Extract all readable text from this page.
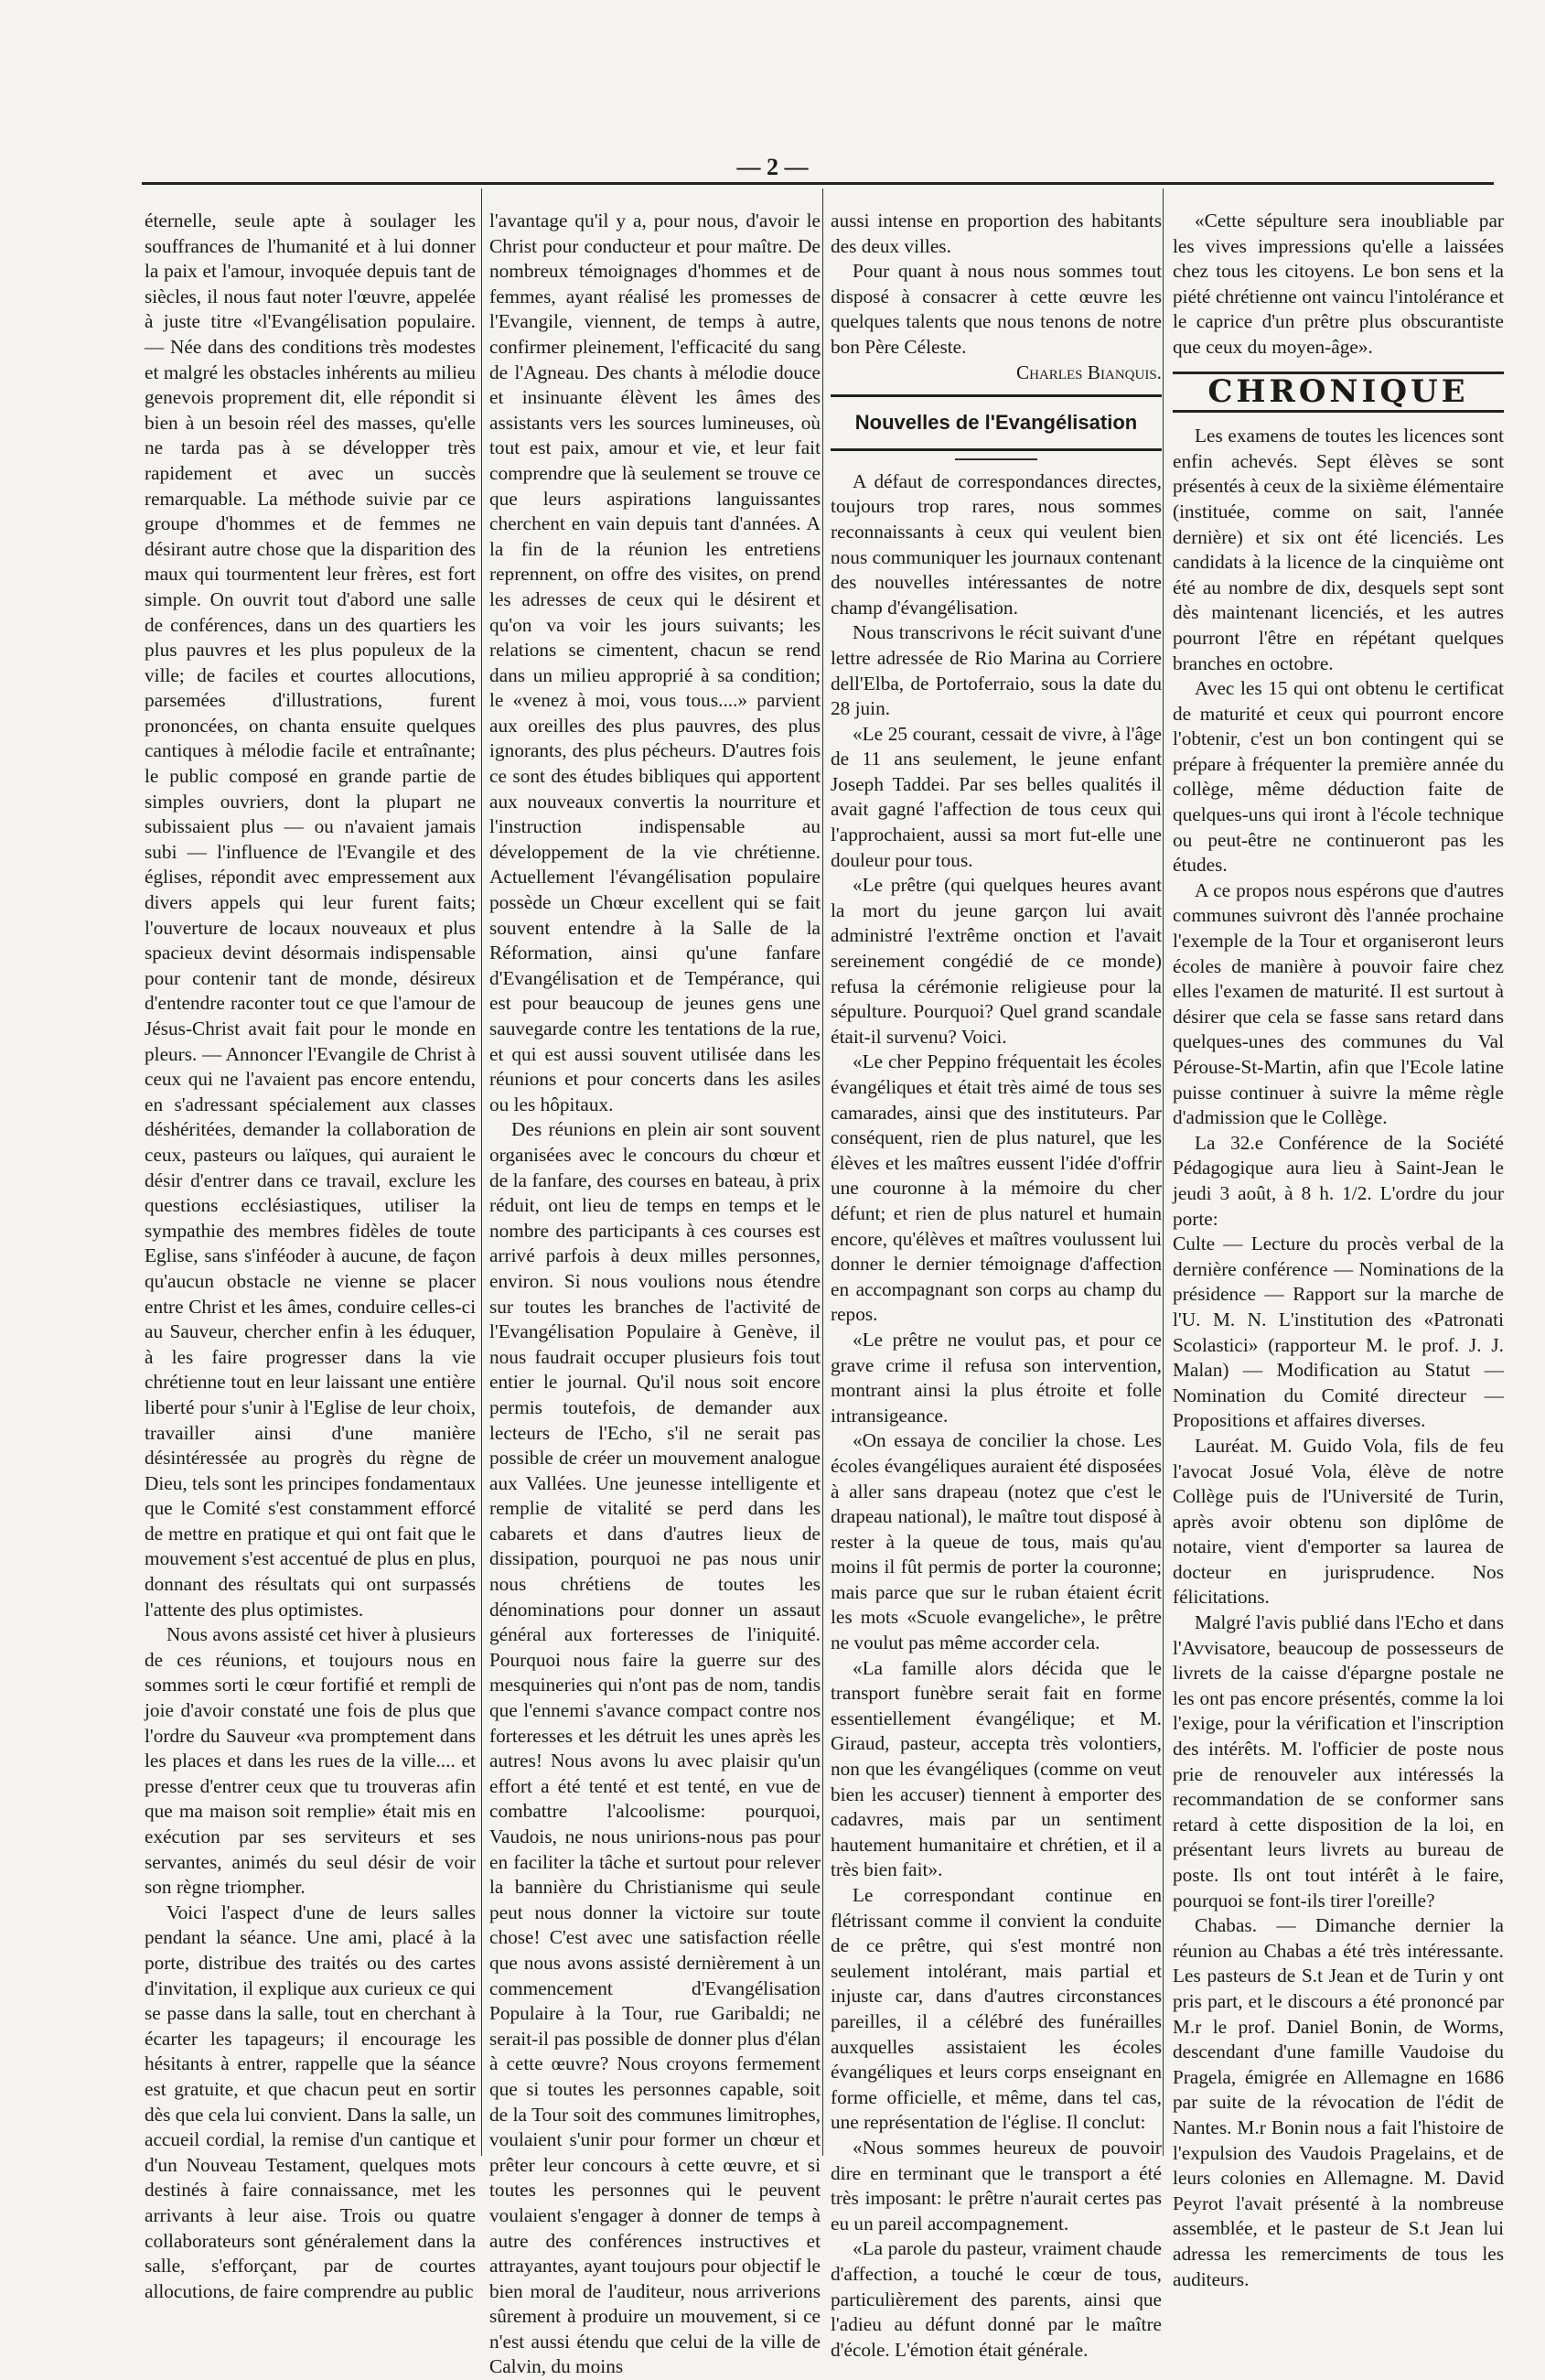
— 2 —

éternelle, seule apte à soulager les souffrances de l'humanité et à lui donner la paix et l'amour, invoquée depuis tant de siècles, il nous faut noter l'œuvre, appelée à juste titre «l'Evangélisation populaire. — Née dans des conditions très modestes et malgré les obstacles inhérents au milieu genevois proprement dit, elle répondit si bien à un besoin réel des masses, qu'elle ne tarda pas à se développer très rapidement et avec un succès remarquable. La méthode suivie par ce groupe d'hommes et de femmes ne désirant autre chose que la disparition des maux qui tourmentent leur frères, est fort simple. On ouvrit tout d'abord une salle de conférences, dans un des quartiers les plus pauvres et les plus populeux de la ville; de faciles et courtes allocutions, parsemées d'illustrations, furent prononcées, on chanta ensuite quelques cantiques à mélodie facile et entraînante; le public composé en grande partie de simples ouvriers, dont la plupart ne subissaient plus — ou n'avaient jamais subi — l'influence de l'Evangile et des églises, répondit avec empressement aux divers appels qui leur furent faits; l'ouverture de locaux nouveaux et plus spacieux devint désormais indispensable pour contenir tant de monde, désireux d'entendre raconter tout ce que l'amour de Jésus-Christ avait fait pour le monde en pleurs. — Annoncer l'Evangile de Christ à ceux qui ne l'avaient pas encore entendu, en s'adressant spécialement aux classes déshéritées, demander la collaboration de ceux, pasteurs ou laïques, qui auraient le désir d'entrer dans ce travail, exclure les questions ecclésiastiques, utiliser la sympathie des membres fidèles de toute Eglise, sans s'inféoder à aucune, de façon qu'aucun obstacle ne vienne se placer entre Christ et les âmes, conduire celles-ci au Sauveur, chercher enfin à les éduquer, à les faire progresser dans la vie chrétienne tout en leur laissant une entière liberté pour s'unir à l'Eglise de leur choix, travailler ainsi d'une manière désintéressée au progrès du règne de Dieu, tels sont les principes fondamentaux que le Comité s'est constamment efforcé de mettre en pratique et qui ont fait que le mouvement s'est accentué de plus en plus, donnant des résultats qui ont surpassés l'attente des plus optimistes.

Nous avons assisté cet hiver à plusieurs de ces réunions, et toujours nous en sommes sorti le cœur fortifié et rempli de joie d'avoir constaté une fois de plus que l'ordre du Sauveur «va promptement dans les places et dans les rues de la ville.... et presse d'entrer ceux que tu trouveras afin que ma maison soit remplie» était mis en exécution par ses serviteurs et ses servantes, animés du seul désir de voir son règne triompher.

Voici l'aspect d'une de leurs salles pendant la séance. Une ami, placé à la porte, distribue des traités ou des cartes d'invitation, il explique aux curieux ce qui se passe dans la salle, tout en cherchant à écarter les tapageurs; il encourage les hésitants à entrer, rappelle que la séance est gratuite, et que chacun peut en sortir dès que cela lui convient. Dans la salle, un accueil cordial, la remise d'un cantique et d'un Nouveau Testament, quelques mots destinés à faire connaissance, met les arrivants à leur aise. Trois ou quatre collaborateurs sont généralement dans la salle, s'efforçant, par de courtes allocutions, de faire comprendre au public

l'avantage qu'il y a, pour nous, d'avoir le Christ pour conducteur et pour maître. De nombreux témoignages d'hommes et de femmes, ayant réalisé les promesses de l'Evangile, viennent, de temps à autre, confirmer pleinement, l'efficacité du sang de l'Agneau. Des chants à mélodie douce et insinuante élèvent les âmes des assistants vers les sources lumineuses, où tout est paix, amour et vie, et leur fait comprendre que là seulement se trouve ce que leurs aspirations languissantes cherchent en vain depuis tant d'années. A la fin de la réunion les entretiens reprennent, on offre des visites, on prend les adresses de ceux qui le désirent et qu'on va voir les jours suivants; les relations se cimentent, chacun se rend dans un milieu approprié à sa condition; le «venez à moi, vous tous....» parvient aux oreilles des plus pauvres, des plus ignorants, des plus pécheurs. D'autres fois ce sont des études bibliques qui apportent aux nouveaux convertis la nourriture et l'instruction indispensable au développement de la vie chrétienne. Actuellement l'évangélisation populaire possède un Chœur excellent qui se fait souvent entendre à la Salle de la Réformation, ainsi qu'une fanfare d'Evangélisation et de Tempérance, qui est pour beaucoup de jeunes gens une sauvegarde contre les tentations de la rue, et qui est aussi souvent utilisée dans les réunions et pour concerts dans les asiles ou les hôpitaux.

Des réunions en plein air sont souvent organisées avec le concours du chœur et de la fanfare, des courses en bateau, à prix réduit, ont lieu de temps en temps et le nombre des participants à ces courses est arrivé parfois à deux milles personnes, environ. Si nous voulions nous étendre sur toutes les branches de l'activité de l'Evangélisation Populaire à Genève, il nous faudrait occuper plusieurs fois tout entier le journal. Qu'il nous soit encore permis toutefois, de demander aux lecteurs de l'Echo, s'il ne serait pas possible de créer un mouvement analogue aux Vallées. Une jeunesse intelligente et remplie de vitalité se perd dans les cabarets et dans d'autres lieux de dissipation, pourquoi ne pas nous unir nous chrétiens de toutes les dénominations pour donner un assaut général aux forteresses de l'iniquité. Pourquoi nous faire la guerre sur des mesquineries qui n'ont pas de nom, tandis que l'ennemi s'avance compact contre nos forteresses et les détruit les unes après les autres! Nous avons lu avec plaisir qu'un effort a été tenté et est tenté, en vue de combattre l'alcoolisme: pourquoi, Vaudois, ne nous unirions-nous pas pour en faciliter la tâche et surtout pour relever la bannière du Christianisme qui seule peut nous donner la victoire sur toute chose! C'est avec une satisfaction réelle que nous avons assisté dernièrement à un commencement d'Evangélisation Populaire à la Tour, rue Garibaldi; ne serait-il pas possible de donner plus d'élan à cette œuvre? Nous croyons fermement que si toutes les personnes capable, soit de la Tour soit des communes limitrophes, voulaient s'unir pour former un chœur et prêter leur concours à cette œuvre, et si toutes les personnes qui le peuvent voulaient s'engager à donner de temps à autre des conférences instructives et attrayantes, ayant toujours pour objectif le bien moral de l'auditeur, nous arriverions sûrement à produire un mouvement, si ce n'est aussi étendu que celui de la ville de Calvin, du moins

aussi intense en proportion des habitants des deux villes.

Pour quant à nous nous sommes tout disposé à consacrer à cette œuvre les quelques talents que nous tenons de notre bon Père Céleste.

Charles Bianquis.

Nouvelles de l'Evangélisation

A défaut de correspondances directes, toujours trop rares, nous sommes reconnaissants à ceux qui veulent bien nous communiquer les journaux contenant des nouvelles intéressantes de notre champ d'évangélisation.

Nous transcrivons le récit suivant d'une lettre adressée de Rio Marina au Corriere dell'Elba, de Portoferraio, sous la date du 28 juin.

«Le 25 courant, cessait de vivre, à l'âge de 11 ans seulement, le jeune enfant Joseph Taddei. Par ses belles qualités il avait gagné l'affection de tous ceux qui l'approchaient, aussi sa mort fut-elle une douleur pour tous.

«Le prêtre (qui quelques heures avant la mort du jeune garçon lui avait administré l'extrême onction et l'avait sereinement congédié de ce monde) refusa la cérémonie religieuse pour la sépulture. Pourquoi? Quel grand scandale était-il survenu? Voici.

«Le cher Peppino fréquentait les écoles évangéliques et était très aimé de tous ses camarades, ainsi que des instituteurs. Par conséquent, rien de plus naturel, que les élèves et les maîtres eussent l'idée d'offrir une couronne à la mémoire du cher défunt; et rien de plus naturel et humain encore, qu'élèves et maîtres voulussent lui donner le dernier témoignage d'affection en accompagnant son corps au champ du repos.

«Le prêtre ne voulut pas, et pour ce grave crime il refusa son intervention, montrant ainsi la plus étroite et folle intransigeance.

«On essaya de concilier la chose. Les écoles évangéliques auraient été disposées à aller sans drapeau (notez que c'est le drapeau national), le maître tout disposé à rester à la queue de tous, mais qu'au moins il fût permis de porter la couronne; mais parce que sur le ruban étaient écrit les mots «Scuole evangeliche», le prêtre ne voulut pas même accorder cela.

«La famille alors décida que le transport funèbre serait fait en forme essentiellement évangélique; et M. Giraud, pasteur, accepta très volontiers, non que les évangéliques (comme on veut bien les accuser) tiennent à emporter des cadavres, mais par un sentiment hautement humanitaire et chrétien, et il a très bien fait».

Le correspondant continue en flétrissant comme il convient la conduite de ce prêtre, qui s'est montré non seulement intolérant, mais partial et injuste car, dans d'autres circonstances pareilles, il a célébré des funérailles auxquelles assistaient les écoles évangéliques et leurs corps enseignant en forme officielle, et même, dans tel cas, une représentation de l'église. Il conclut:

«Nous sommes heureux de pouvoir dire en terminant que le transport a été très imposant: le prêtre n'aurait certes pas eu un pareil accompagnement.

«La parole du pasteur, vraiment chaude d'affection, a touché le cœur de tous, particulièrement des parents, ainsi que l'adieu au défunt donné par le maître d'école. L'émotion était générale.

«Cette sépulture sera inoubliable par les vives impressions qu'elle a laissées chez tous les citoyens. Le bon sens et la piété chrétienne ont vaincu l'intolérance et le caprice d'un prêtre plus obscurantiste que ceux du moyen-âge».

CHRONIQUE

Les examens de toutes les licences sont enfin achevés. Sept élèves se sont présentés à ceux de la sixième élémentaire (instituée, comme on sait, l'année dernière) et six ont été licenciés. Les candidats à la licence de la cinquième ont été au nombre de dix, desquels sept sont dès maintenant licenciés, et les autres pourront l'être en répétant quelques branches en octobre.

Avec les 15 qui ont obtenu le certificat de maturité et ceux qui pourront encore l'obtenir, c'est un bon contingent qui se prépare à fréquenter la première année du collège, même déduction faite de quelques-uns qui iront à l'école technique ou peut-être ne continueront pas les études.

A ce propos nous espérons que d'autres communes suivront dès l'année prochaine l'exemple de la Tour et organiseront leurs écoles de manière à pouvoir faire chez elles l'examen de maturité. Il est surtout à désirer que cela se fasse sans retard dans quelques-unes des communes du Val Pérouse-St-Martin, afin que l'Ecole latine puisse continuer à suivre la même règle d'admission que le Collège.

La 32.e Conférence de la Société Pédagogique aura lieu à Saint-Jean le jeudi 3 août, à 8 h. 1/2. L'ordre du jour porte:

Culte — Lecture du procès verbal de la dernière conférence — Nominations de la présidence — Rapport sur la marche de l'U. M. N. L'institution des «Patronati Scolastici» (rapporteur M. le prof. J. J. Malan) — Modification au Statut — Nomination du Comité directeur — Propositions et affaires diverses.

Lauréat. M. Guido Vola, fils de feu l'avocat Josué Vola, élève de notre Collège puis de l'Université de Turin, après avoir obtenu son diplôme de notaire, vient d'emporter sa laurea de docteur en jurisprudence. Nos félicitations.

Malgré l'avis publié dans l'Echo et dans l'Avvisatore, beaucoup de possesseurs de livrets de la caisse d'épargne postale ne les ont pas encore présentés, comme la loi l'exige, pour la vérification et l'inscription des intérêts. M. l'officier de poste nous prie de renouveler aux intéressés la recommandation de se conformer sans retard à cette disposition de la loi, en présentant leurs livrets au bureau de poste. Ils ont tout intérêt à le faire, pourquoi se font-ils tirer l'oreille?

Chabas. — Dimanche dernier la réunion au Chabas a été très intéressante. Les pasteurs de S.t Jean et de Turin y ont pris part, et le discours a été prononcé par M.r le prof. Daniel Bonin, de Worms, descendant d'une famille Vaudoise du Pragela, émigrée en Allemagne en 1686 par suite de la révocation de l'édit de Nantes. M.r Bonin nous a fait l'histoire de l'expulsion des Vaudois Pragelains, et de leurs colonies en Allemagne. M. David Peyrot l'avait présenté à la nombreuse assemblée, et le pasteur de S.t Jean lui adressa les remerciments de tous les auditeurs.
